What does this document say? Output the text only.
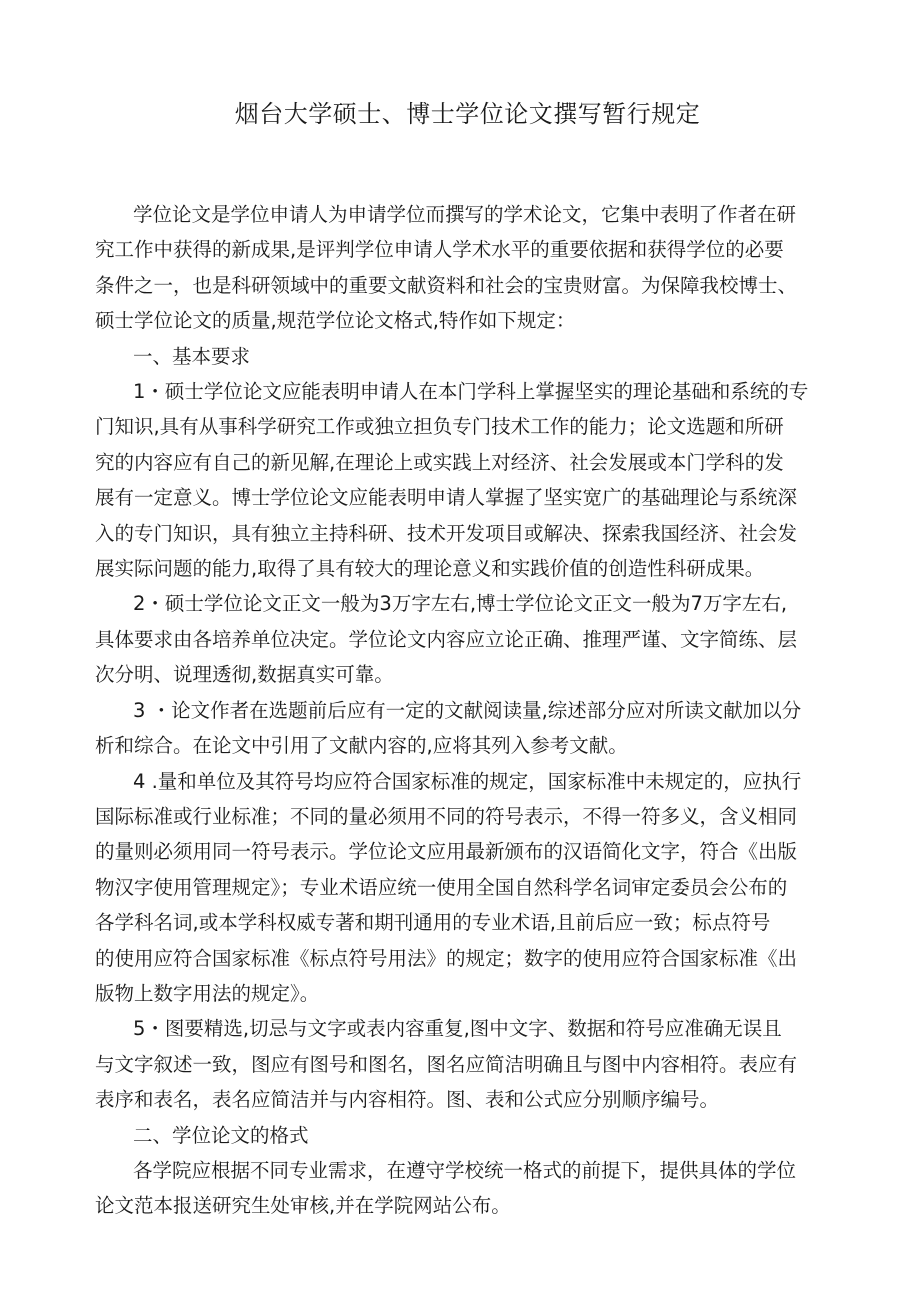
烟台大学硕士、博士学位论文撰写暂行规定
学位论文是学位申请人为申请学位而撰写的学术论文，它集中表明了作者在研
究工作中获得的新成果,是评判学位申请人学术水平的重要依据和获得学位的必要
条件之一，也是科研领域中的重要文献资料和社会的宝贵财富。为保障我校博士、
硕士学位论文的质量,规范学位论文格式,特作如下规定：
一、基本要求
1・硕士学位论文应能表明申请人在本门学科上掌握坚实的理论基础和系统的专
门知识,具有从事科学研究工作或独立担负专门技术工作的能力；论文选题和所研
究的内容应有自己的新见解,在理论上或实践上对经济、社会发展或本门学科的发
展有一定意义。博士学位论文应能表明申请人掌握了坚实宽广的基础理论与系统深
入的专门知识，具有独立主持科研、技术开发项目或解决、探索我国经济、社会发
展实际问题的能力,取得了具有较大的理论意义和实践价值的创造性科研成果。
2・硕士学位论文正文一般为3万字左右,博士学位论文正文一般为7万字左右,
具体要求由各培养单位决定。学位论文内容应立论正确、推理严谨、文字简练、层
次分明、说理透彻,数据真实可靠。
3 ・论文作者在选题前后应有一定的文献阅读量,综述部分应对所读文献加以分
析和综合。在论文中引用了文献内容的,应将其列入参考文献。
4 .量和单位及其符号均应符合国家标准的规定，国家标准中未规定的，应执行
国际标准或行业标准；不同的量必须用不同的符号表示，不得一符多义，含义相同
的量则必须用同一符号表示。学位论文应用最新颁布的汉语简化文字，符合《出版
物汉字使用管理规定》；专业术语应统一使用全国自然科学名词审定委员会公布的
各学科名词,或本学科权威专著和期刊通用的专业术语,且前后应一致；标点符号
的使用应符合国家标准《标点符号用法》的规定；数字的使用应符合国家标准《出
版物上数字用法的规定》。
5・图要精选,切忌与文字或表内容重复,图中文字、数据和符号应准确无误且
与文字叙述一致，图应有图号和图名，图名应简洁明确且与图中内容相符。表应有
表序和表名，表名应简洁并与内容相符。图、表和公式应分别顺序编号。
二、学位论文的格式
各学院应根据不同专业需求，在遵守学校统一格式的前提下，提供具体的学位
论文范本报送研究生处审核,并在学院网站公布。
